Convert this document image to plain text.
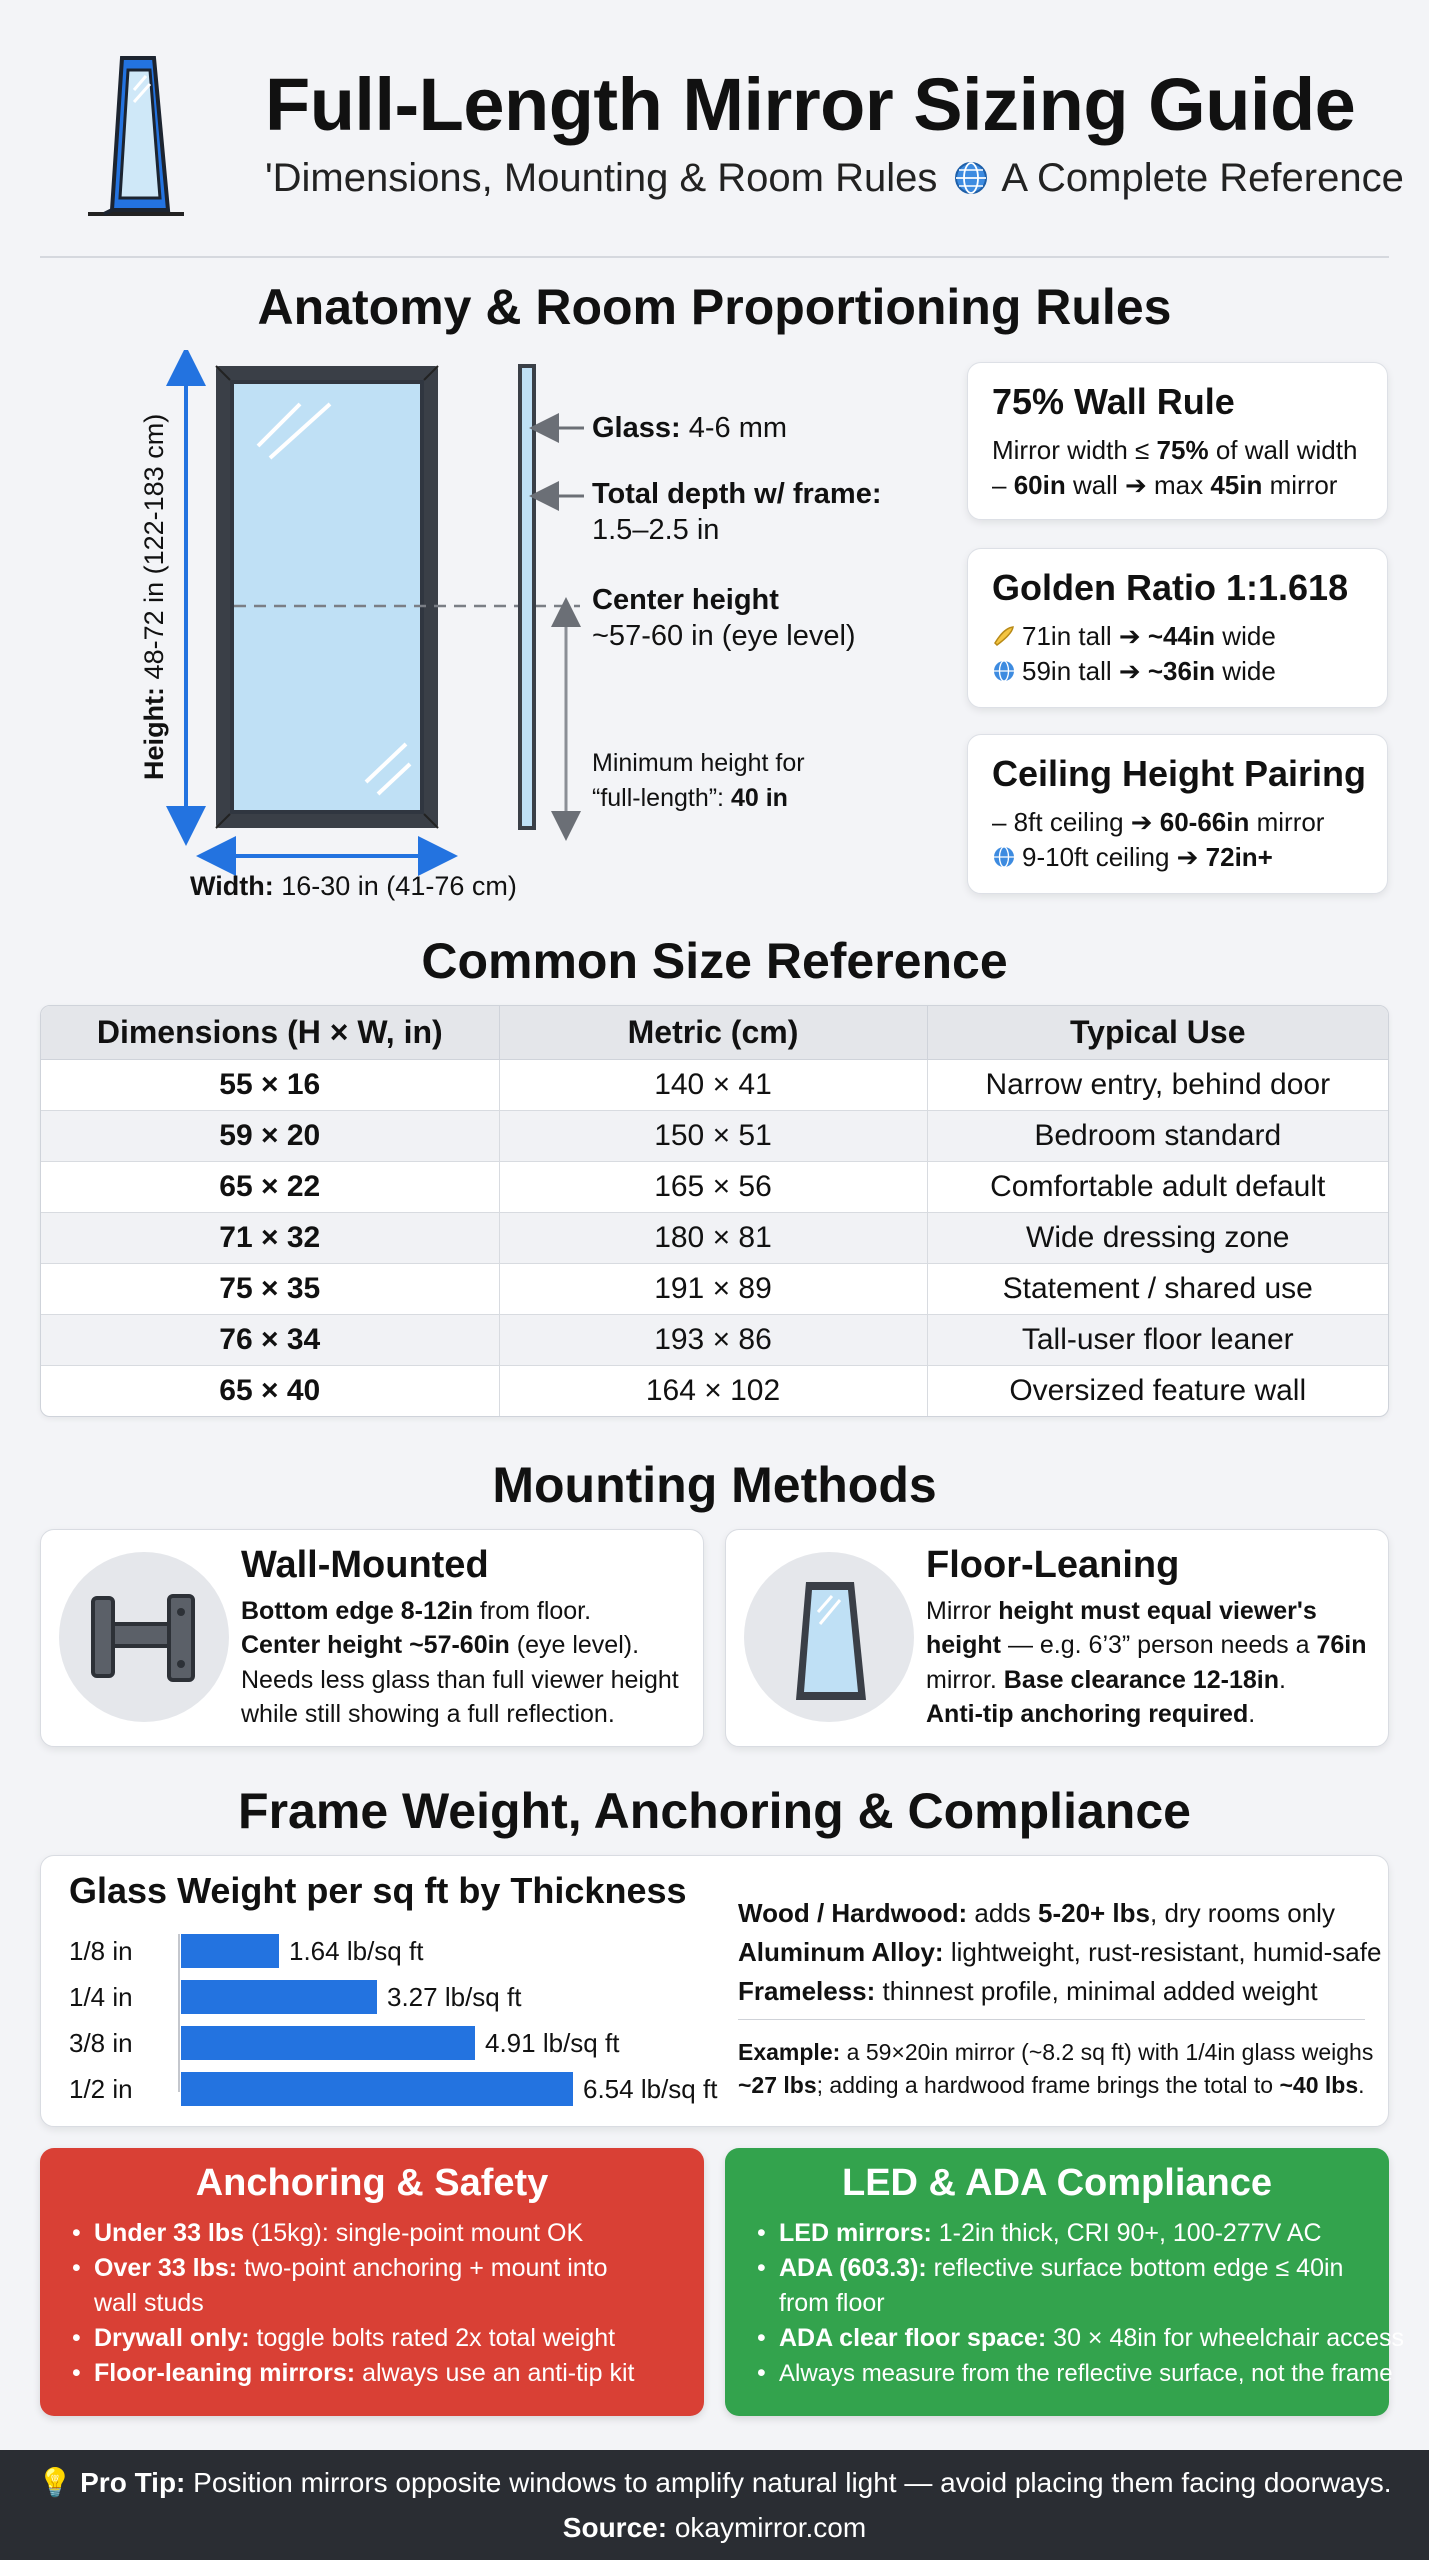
Full-Length Mirror Sizing Guide
'Dimensions, Mounting & Room Rules A Complete Reference
Anatomy & Room Proportioning Rules
Height: 48-72 in (122-183 cm)
Width: 16-30 in (41-76 cm)
Glass: 4-6 mm
Total depth w/ frame:
1.5–2.5 in
Center height
~57-60 in (eye level)
Minimum height for
“full-length”: 40 in
75% Wall Rule
Mirror width ≤ 75% of wall width
– 60in wall ➔ max 45in mirror
Golden Ratio 1:1.618
71in tall ➔ ~44in wide
59in tall ➔ ~36in wide
Ceiling Height Pairing
– 8ft ceiling ➔ 60-66in mirror
9-10ft ceiling ➔ 72in+
Common Size Reference
Dimensions (H × W, in)	Metric (cm)	Typical Use
55 × 16	140 × 41	Narrow entry, behind door
59 × 20	150 × 51	Bedroom standard
65 × 22	165 × 56	Comfortable adult default
71 × 32	180 × 81	Wide dressing zone
75 × 35	191 × 89	Statement / shared use
76 × 34	193 × 86	Tall-user floor leaner
65 × 40	164 × 102	Oversized feature wall
Mounting Methods
Wall-Mounted
Bottom edge 8-12in from floor.
Center height ~57-60in (eye level).
Needs less glass than full viewer height
while still showing a full reflection.
Floor-Leaning
Mirror height must equal viewer's
height — e.g. 6’3” person needs a 76in
mirror. Base clearance 12-18in.
Anti-tip anchoring required.
Frame Weight, Anchoring & Compliance
Glass Weight per sq ft by Thickness
1/8 in	1.64 lb/sq ft
1/4 in	3.27 lb/sq ft
3/8 in	4.91 lb/sq ft
1/2 in	6.54 lb/sq ft
Wood / Hardwood: adds 5-20+ lbs, dry rooms only
Aluminum Alloy: lightweight, rust-resistant, humid-safe
Frameless: thinnest profile, minimal added weight
Example: a 59×20in mirror (~8.2 sq ft) with 1/4in glass weighs
~27 lbs; adding a hardwood frame brings the total to ~40 lbs.
Anchoring & Safety
• Under 33 lbs (15kg): single-point mount OK
• Over 33 lbs: two-point anchoring + mount into
wall studs
• Drywall only: toggle bolts rated 2x total weight
• Floor-leaning mirrors: always use an anti-tip kit
LED & ADA Compliance
• LED mirrors: 1-2in thick, CRI 90+, 100-277V AC
• ADA (603.3): reflective surface bottom edge ≤ 40in
from floor
• ADA clear floor space: 30 × 48in for wheelchair access
• Always measure from the reflective surface, not the frame
💡 Pro Tip: Position mirrors opposite windows to amplify natural light — avoid placing them facing doorways.
Source: okaymirror.com
